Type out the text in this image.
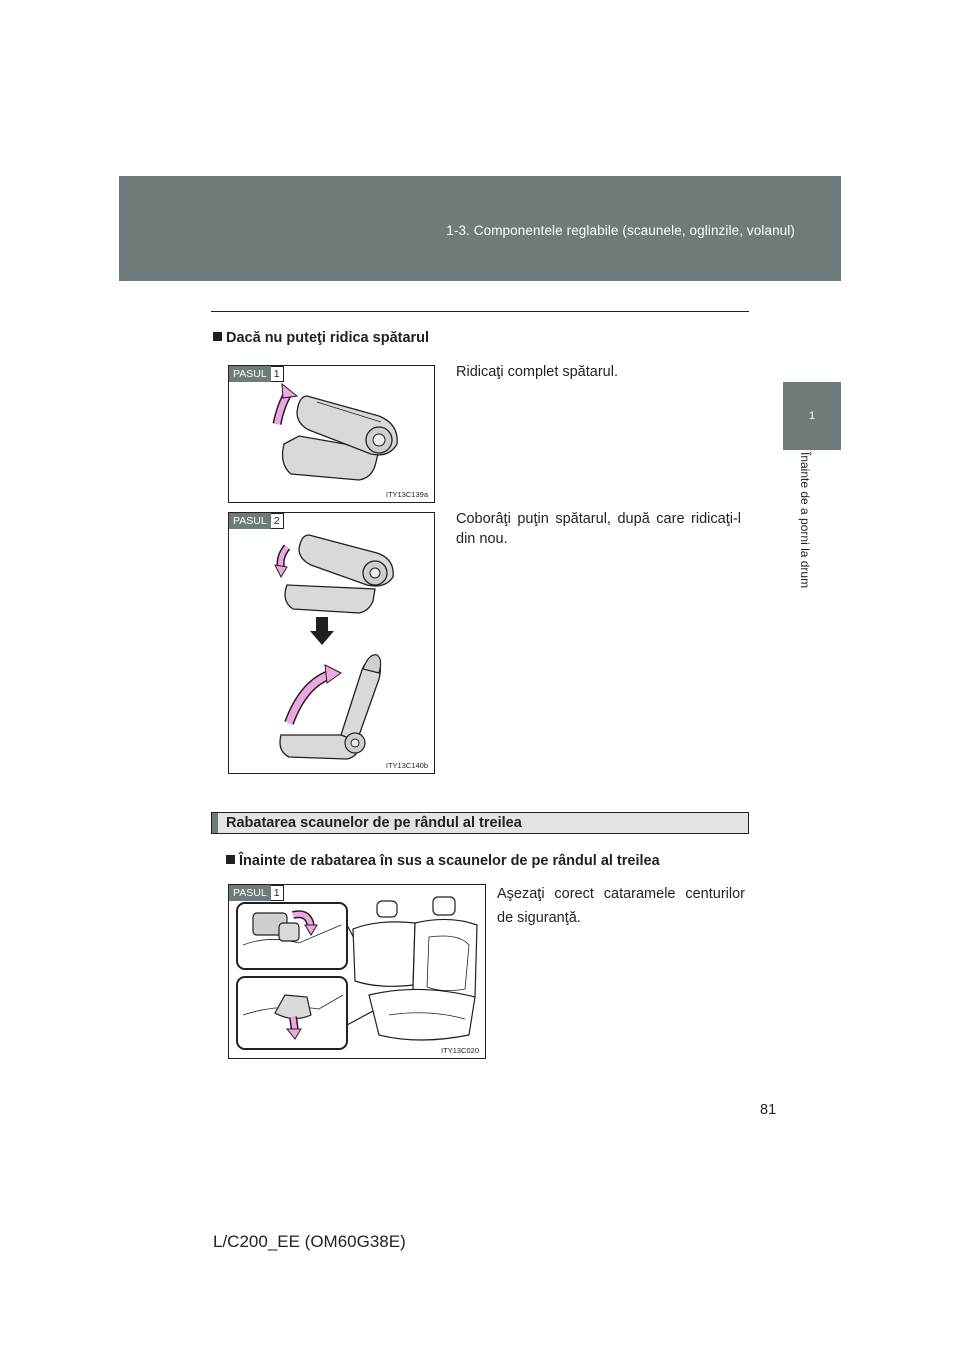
1-3. Componentele reglabile (scaunele, oglinzile, volanul)
1
Înainte de a porni la drum
Dacă nu puteţi ridica spătarul
PASUL 1
ITY13C139a
Ridicaţi complet spătarul.
PASUL 2
ITY13C140b
Coborâţi puţin spătarul, după care ridicaţi-l din nou.
Rabatarea scaunelor de pe rândul al treilea
Înainte de rabatarea în sus a scaunelor de pe rândul al treilea
PASUL 1
ITY13C020
Aşezaţi corect cataramele centurilor de siguranţă.
81
L/C200_EE (OM60G38E)
